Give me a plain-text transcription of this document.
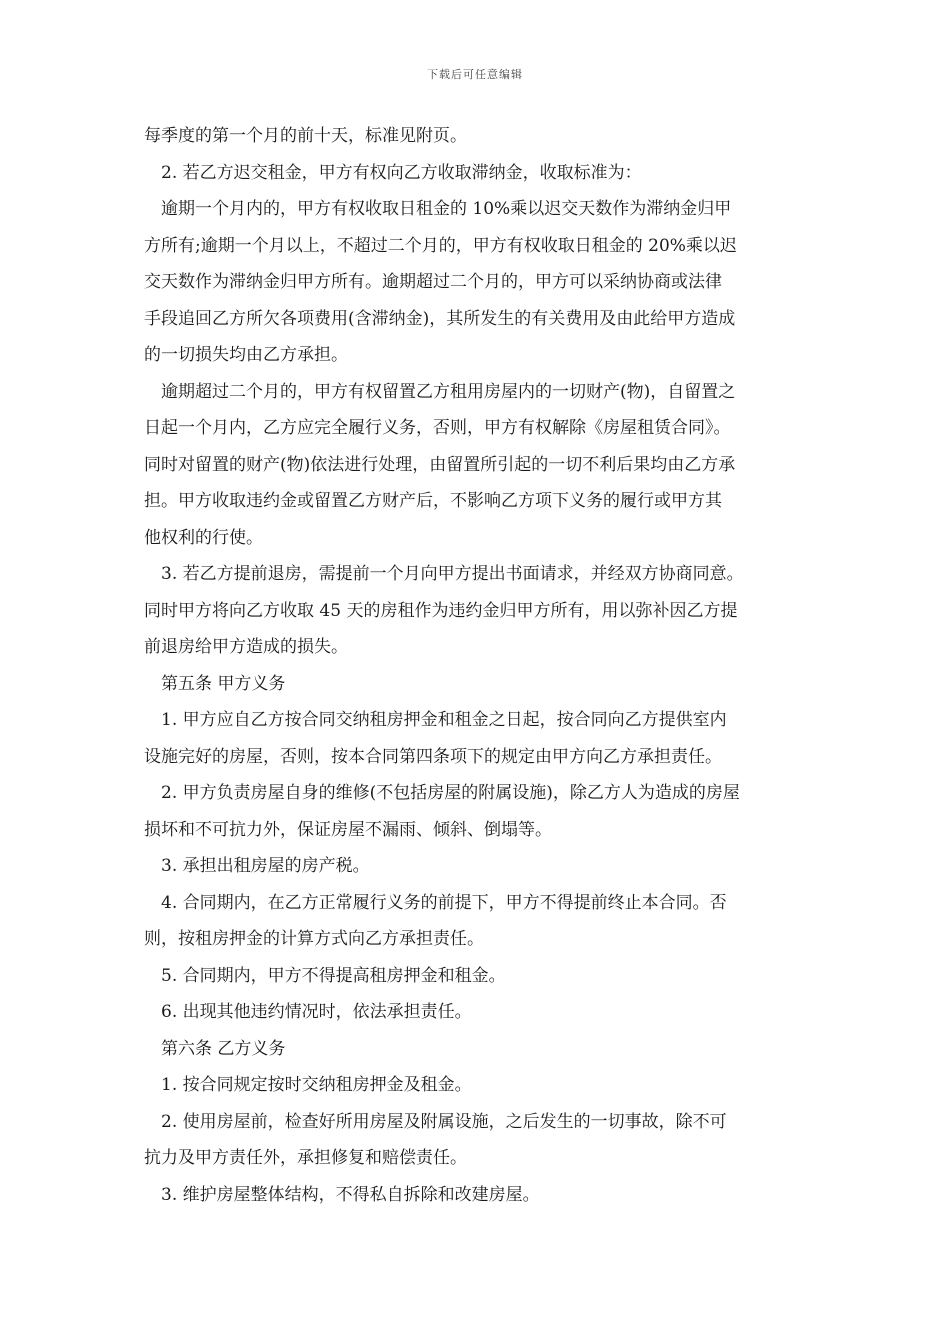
下载后可任意编辑
每季度的第一个月的前十天，标准见附页。
2. 若乙方迟交租金，甲方有权向乙方收取滞纳金，收取标准为：
逾期一个月内的，甲方有权收取日租金的 10%乘以迟交天数作为滞纳金归甲
方所有;逾期一个月以上，不超过二个月的，甲方有权收取日租金的 20%乘以迟
交天数作为滞纳金归甲方所有。逾期超过二个月的，甲方可以采纳协商或法律
手段追回乙方所欠各项费用(含滞纳金)，其所发生的有关费用及由此给甲方造成
的一切损失均由乙方承担。
逾期超过二个月的，甲方有权留置乙方租用房屋内的一切财产(物)，自留置之
日起一个月内，乙方应完全履行义务，否则，甲方有权解除《房屋租赁合同》。
同时对留置的财产(物)依法进行处理，由留置所引起的一切不利后果均由乙方承
担。甲方收取违约金或留置乙方财产后，不影响乙方项下义务的履行或甲方其
他权利的行使。
3. 若乙方提前退房，需提前一个月向甲方提出书面请求，并经双方协商同意。
同时甲方将向乙方收取 45 天的房租作为违约金归甲方所有，用以弥补因乙方提
前退房给甲方造成的损失。
第五条 甲方义务
1. 甲方应自乙方按合同交纳租房押金和租金之日起，按合同向乙方提供室内
设施完好的房屋，否则，按本合同第四条项下的规定由甲方向乙方承担责任。
2. 甲方负责房屋自身的维修(不包括房屋的附属设施)，除乙方人为造成的房屋
损坏和不可抗力外，保证房屋不漏雨、倾斜、倒塌等。
3. 承担出租房屋的房产税。
4. 合同期内，在乙方正常履行义务的前提下，甲方不得提前终止本合同。否
则，按租房押金的计算方式向乙方承担责任。
5. 合同期内，甲方不得提高租房押金和租金。
6. 出现其他违约情况时，依法承担责任。
第六条 乙方义务
1. 按合同规定按时交纳租房押金及租金。
2. 使用房屋前，检查好所用房屋及附属设施，之后发生的一切事故，除不可
抗力及甲方责任外，承担修复和赔偿责任。
3. 维护房屋整体结构，不得私自拆除和改建房屋。
